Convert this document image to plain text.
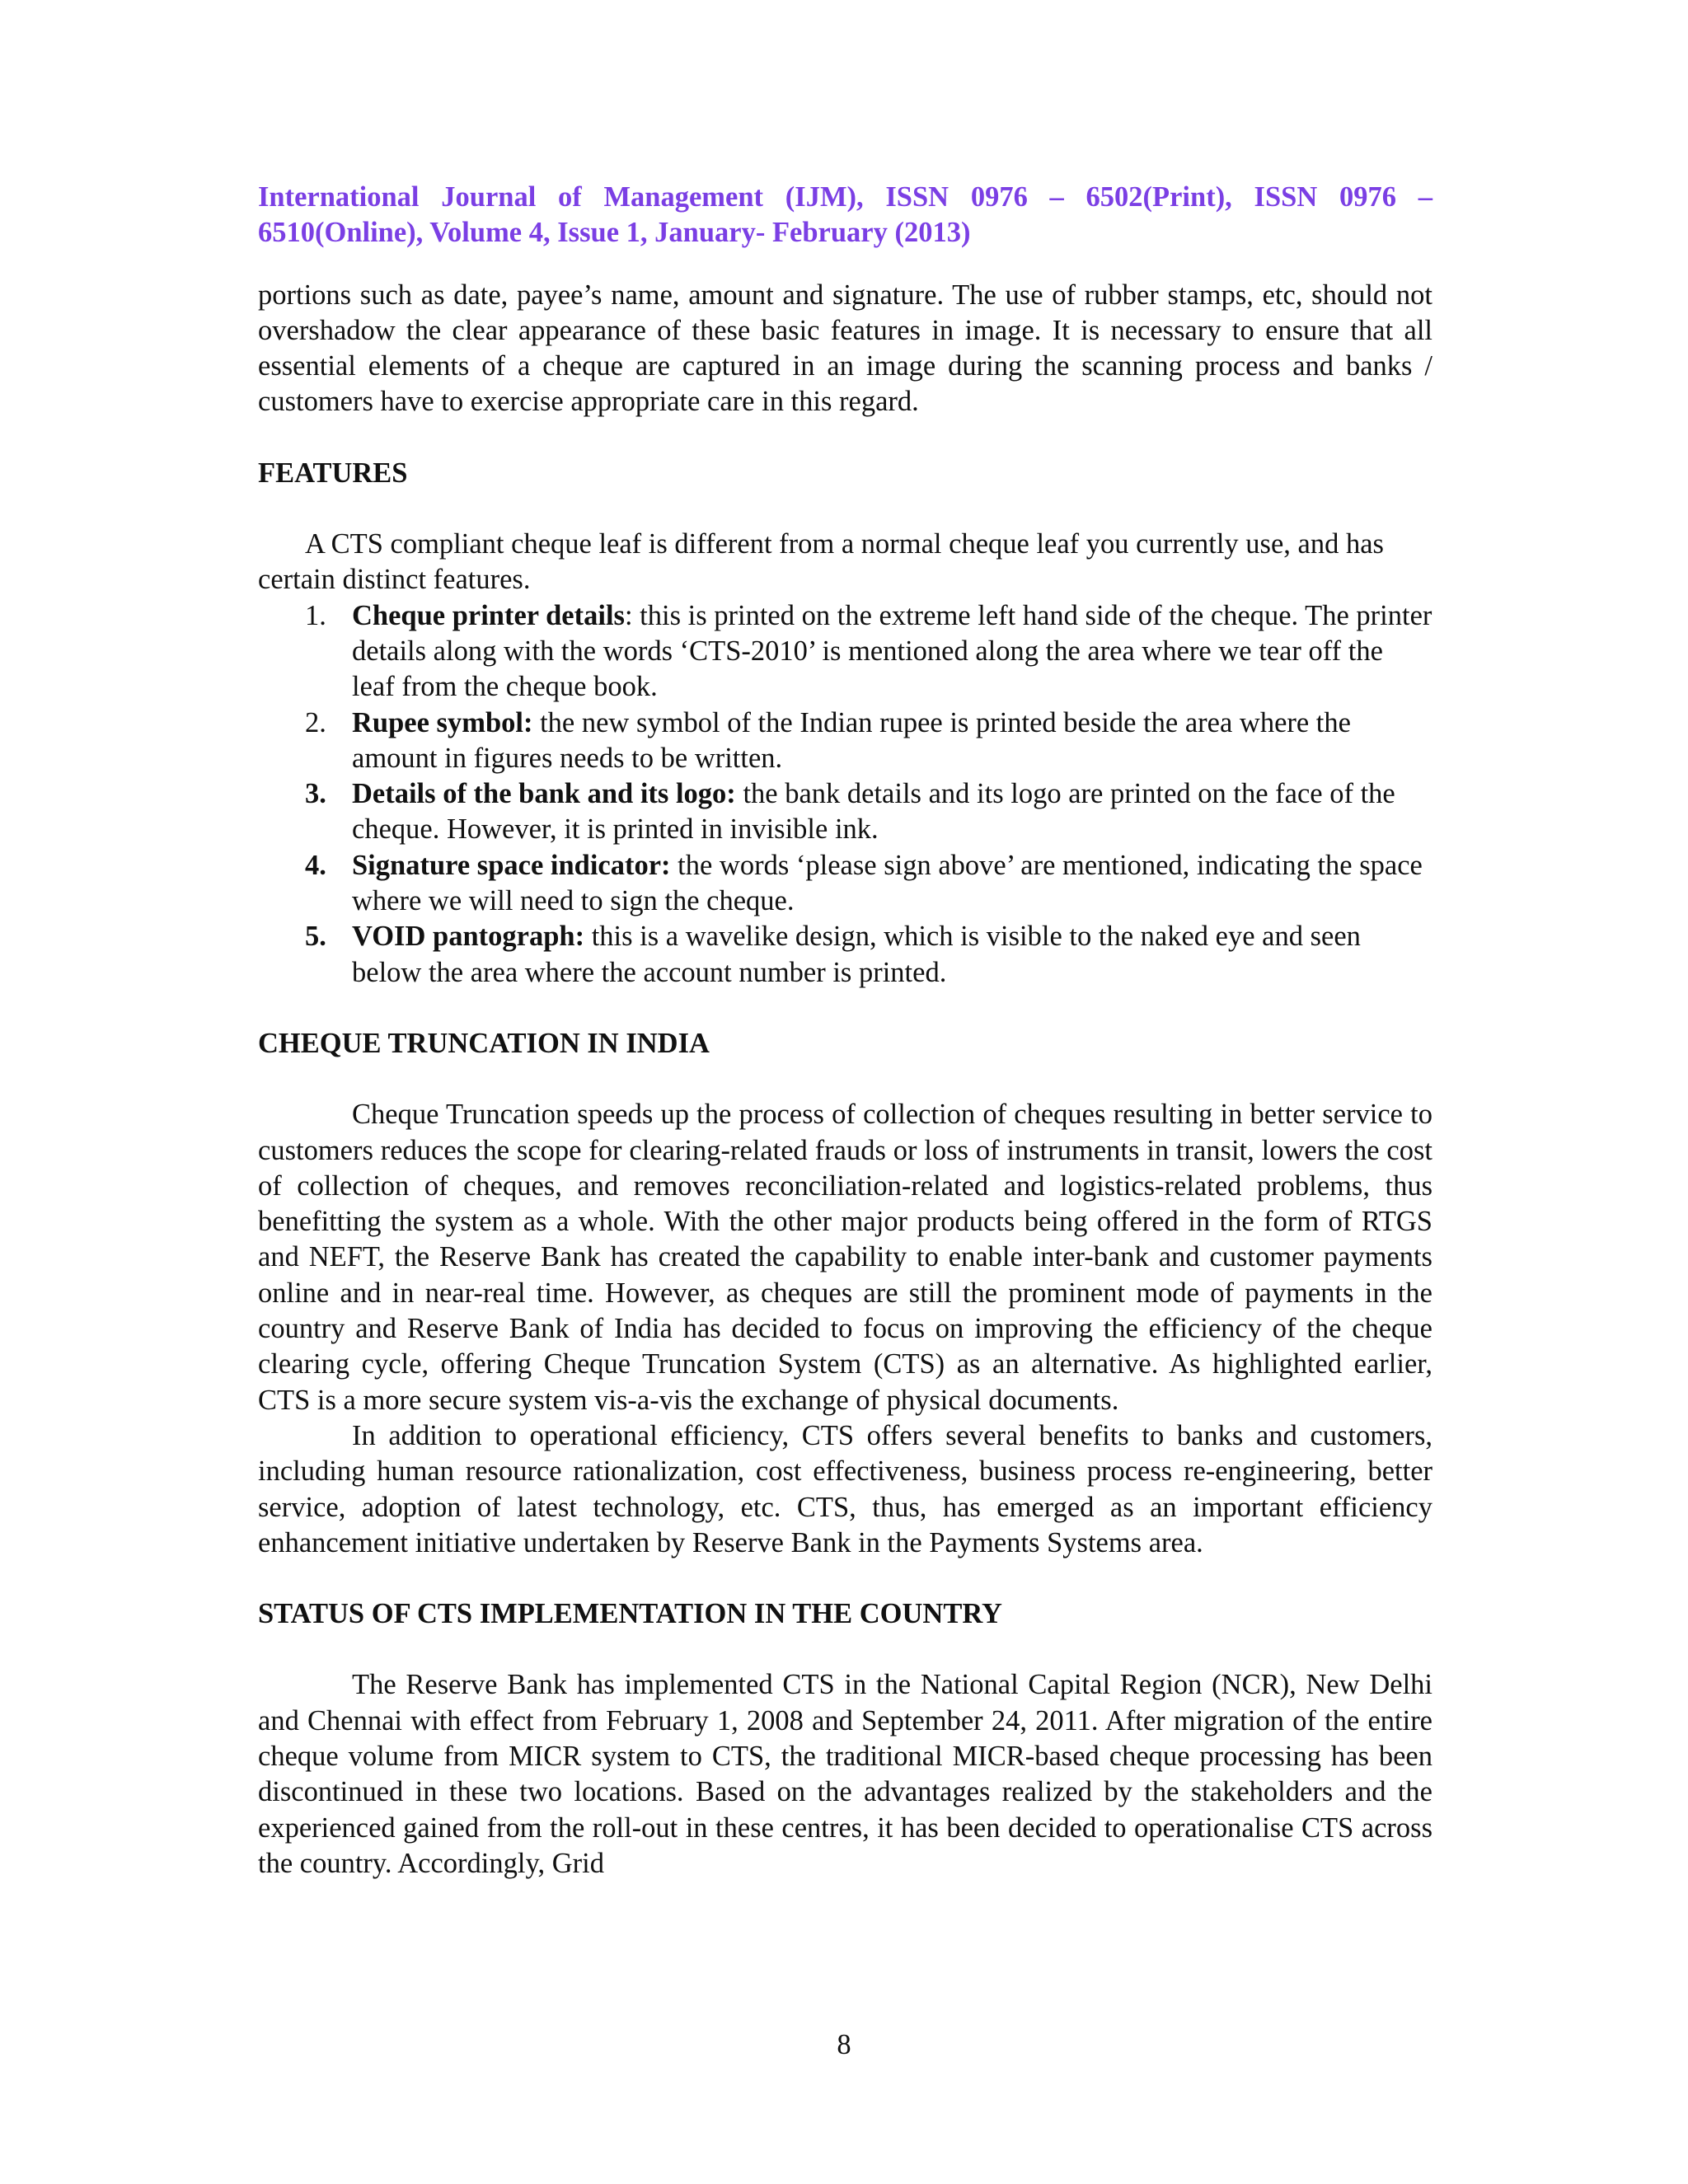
International Journal of Management (IJM), ISSN 0976 – 6502(Print), ISSN 0976 – 6510(Online), Volume 4, Issue 1, January- February (2013)

portions such as date, payee’s name, amount and signature. The use of rubber stamps, etc, should not overshadow the clear appearance of these basic features in image. It is necessary to ensure that all essential elements of a cheque are captured in an image during the scanning process and banks / customers have to exercise appropriate care in this regard.

FEATURES

A CTS compliant cheque leaf is different from a normal cheque leaf you currently use, and has certain distinct features.

1. Cheque printer details: this is printed on the extreme left hand side of the cheque. The printer details along with the words ‘CTS-2010’ is mentioned along the area where we tear off the leaf from the cheque book.
2. Rupee symbol: the new symbol of the Indian rupee is printed beside the area where the amount in figures needs to be written.
3. Details of the bank and its logo: the bank details and its logo are printed on the face of the cheque. However, it is printed in invisible ink.
4. Signature space indicator: the words ‘please sign above’ are mentioned, indicating the space where we will need to sign the cheque.
5. VOID pantograph: this is a wavelike design, which is visible to the naked eye and seen below the area where the account number is printed.
CHEQUE TRUNCATION IN INDIA

Cheque Truncation speeds up the process of collection of cheques resulting in better service to customers reduces the scope for clearing-related frauds or loss of instruments in transit, lowers the cost of collection of cheques, and removes reconciliation-related and logistics-related problems, thus benefitting the system as a whole. With the other major products being offered in the form of RTGS and NEFT, the Reserve Bank has created the capability to enable inter-bank and customer payments online and in near-real time. However, as cheques are still the prominent mode of payments in the country and Reserve Bank of India has decided to focus on improving the efficiency of the cheque clearing cycle, offering Cheque Truncation System (CTS) as an alternative. As highlighted earlier, CTS is a more secure system vis-a-vis the exchange of physical documents.

In addition to operational efficiency, CTS offers several benefits to banks and customers, including human resource rationalization, cost effectiveness, business process re-engineering, better service, adoption of latest technology, etc. CTS, thus, has emerged as an important efficiency enhancement initiative undertaken by Reserve Bank in the Payments Systems area.

STATUS OF CTS IMPLEMENTATION IN THE COUNTRY

The Reserve Bank has implemented CTS in the National Capital Region (NCR), New Delhi and Chennai with effect from February 1, 2008 and September 24, 2011. After migration of the entire cheque volume from MICR system to CTS, the traditional MICR-based cheque processing has been discontinued in these two locations. Based on the advantages realized by the stakeholders and the experienced gained from the roll-out in these centres, it has been decided to operationalise CTS across the country. Accordingly, Grid

8
